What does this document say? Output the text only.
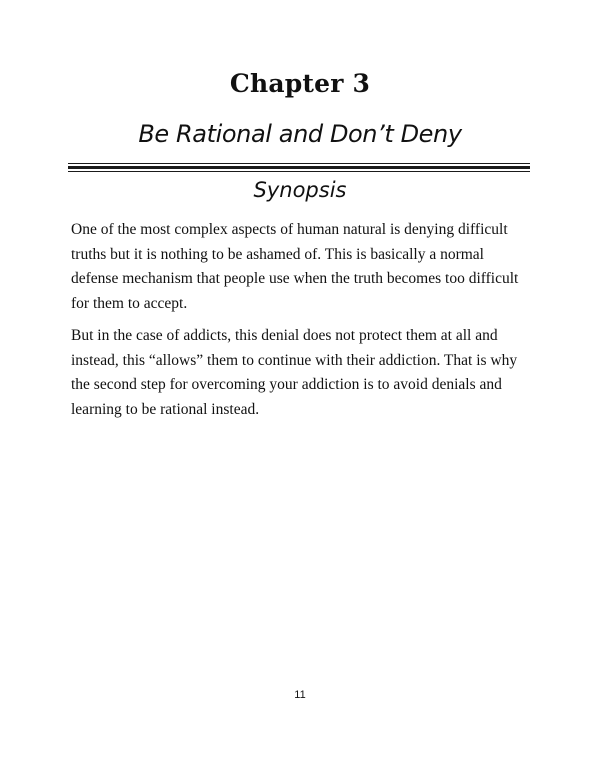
Chapter 3
Be Rational and Don’t Deny
Synopsis

One of the most complex aspects of human natural is denying difficult truths but it is nothing to be ashamed of. This is basically a normal defense mechanism that people use when the truth becomes too difficult for them to accept.

But in the case of addicts, this denial does not protect them at all and instead, this “allows” them to continue with their addiction. That is why the second step for overcoming your addiction is to avoid denials and learning to be rational instead.

11
